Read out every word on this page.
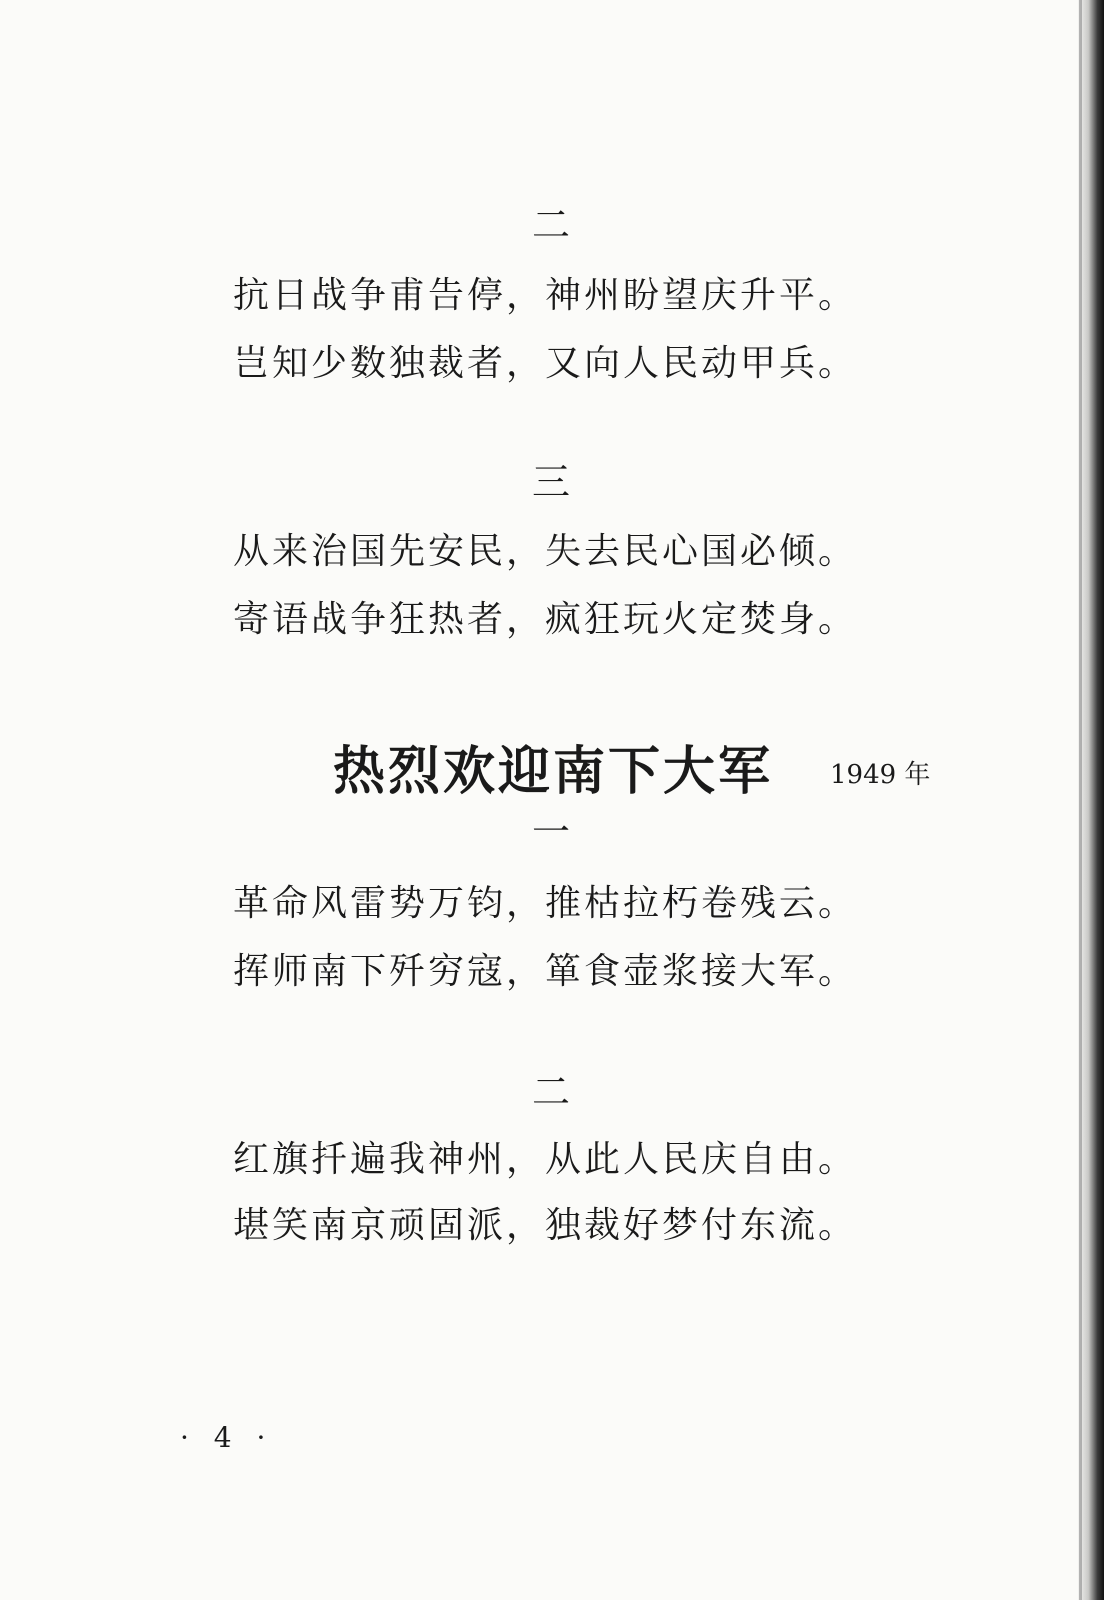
二
抗日战争甫告停，神州盼望庆升平。
岂知少数独裁者，又向人民动甲兵。
三
从来治国先安民，失去民心国必倾。
寄语战争狂热者，疯狂玩火定焚身。
热烈欢迎南下大军 1949 年
一
革命风雷势万钧，推枯拉朽卷残云。
挥师南下歼穷寇，箪食壶浆接大军。
二
红旗扦遍我神州，从此人民庆自由。
堪笑南京顽固派，独裁好梦付东流。
· 4 ·
